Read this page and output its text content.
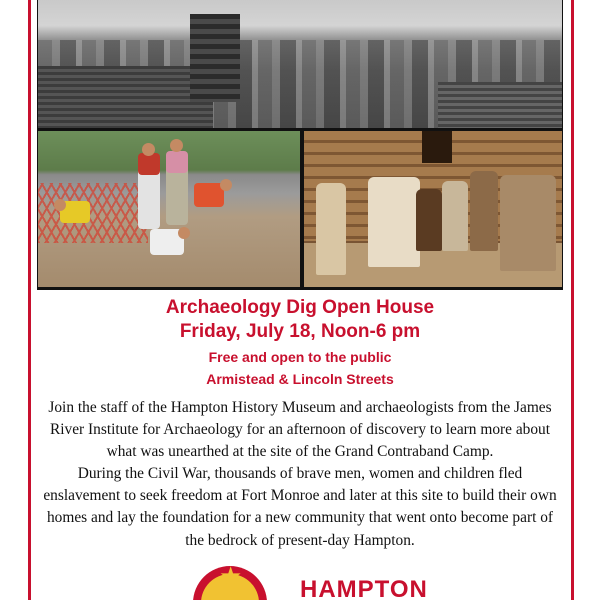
Archaeology Dig Open House
Friday, July 18, Noon-6 pm
Free and open to the public
Armistead & Lincoln Streets
Join the staff of the Hampton History Museum and archaeologists from the James River Institute for Archaeology for an afternoon of discovery to learn more about what was unearthed at the site of the Grand Contraband Camp.
During the Civil War, thousands of brave men, women and children fled enslavement to seek freedom at Fort Monroe and later at this site to build their own homes and lay the foundation for a new community that went onto become part of the bedrock of present-day Hampton.
★ HAMPTON
